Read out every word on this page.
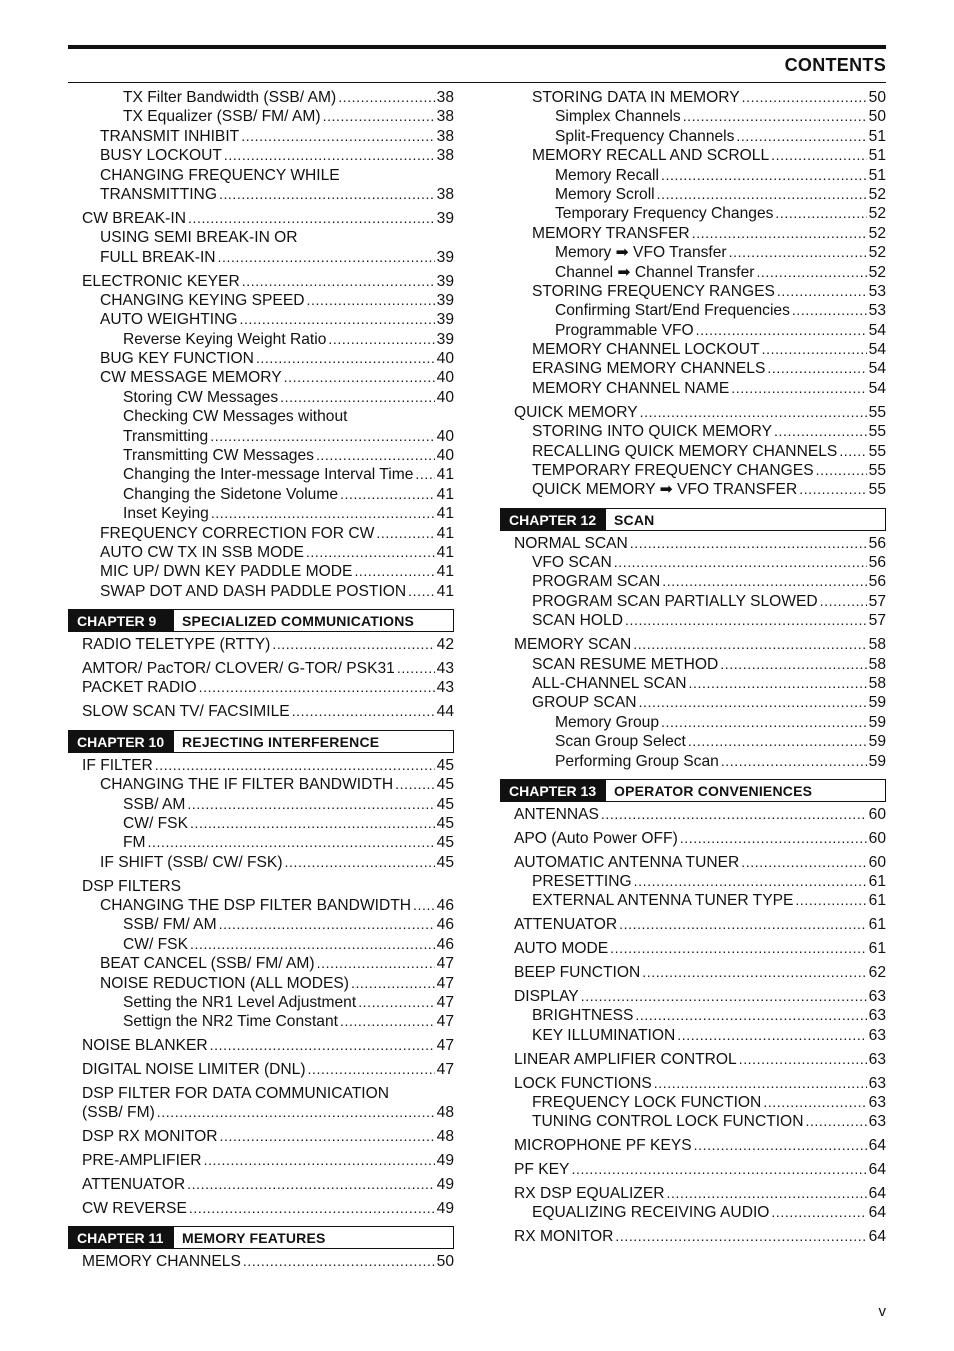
CONTENTS
TX Filter Bandwidth (SSB/ AM) .....	38
TX Equalizer (SSB/ FM/ AM) .....	38
TRANSMIT INHIBIT .....	38
BUSY LOCKOUT .....	38
CHANGING FREQUENCY WHILE
TRANSMITTING .....	38
CW BREAK-IN .....	39
USING SEMI BREAK-IN OR
FULL BREAK-IN .....	39
ELECTRONIC KEYER .....	39
CHANGING KEYING SPEED .....	39
AUTO WEIGHTING .....	39
Reverse Keying Weight Ratio .....	39
BUG KEY FUNCTION .....	40
CW MESSAGE MEMORY .....	40
Storing CW Messages .....	40
Checking CW Messages without
Transmitting .....	40
Transmitting CW Messages .....	40
Changing the Inter-message Interval Time ..... 41
Changing the Sidetone Volume .....	41
Inset Keying .....	41
FREQUENCY CORRECTION FOR CW .....	41
AUTO CW TX IN SSB MODE .....	41
MIC UP/ DWN KEY PADDLE MODE .....	41
SWAP DOT AND DASH PADDLE POSTION ..... 41
CHAPTER 9	SPECIALIZED COMMUNICATIONS
RADIO TELETYPE (RTTY) .....	42
AMTOR/ PacTOR/ CLOVER/ G-TOR/ PSK31 .....	43
PACKET RADIO .....	43
SLOW SCAN TV/ FACSIMILE .....	44
CHAPTER 10	REJECTING INTERFERENCE
IF FILTER .....	45
CHANGING THE IF FILTER BANDWIDTH .....	45
SSB/ AM .....	45
CW/ FSK .....	45
FM .....	45
IF SHIFT (SSB/ CW/ FSK) .....	45
DSP FILTERS
CHANGING THE DSP FILTER BANDWIDTH ..... 46
SSB/ FM/ AM .....	46
CW/ FSK .....	46
BEAT CANCEL (SSB/ FM/ AM) .....	47
NOISE REDUCTION (ALL MODES) .....	47
Setting the NR1 Level Adjustment .....	47
Settign the NR2 Time Constant .....	47
NOISE BLANKER .....	47
DIGITAL NOISE LIMITER (DNL) .....	47
DSP FILTER FOR DATA COMMUNICATION
(SSB/ FM) .....	48
DSP RX MONITOR .....	48
PRE-AMPLIFIER .....	49
ATTENUATOR .....	49
CW REVERSE .....	49
CHAPTER 11	MEMORY FEATURES
MEMORY CHANNELS .....	50
STORING DATA IN MEMORY .....	50
Simplex Channels .....	50
Split-Frequency Channels .....	51
MEMORY RECALL AND SCROLL .....	51
Memory Recall .....	51
Memory Scroll .....	52
Temporary Frequency Changes .....	52
MEMORY TRANSFER .....	52
Memory ➡ VFO Transfer .....	52
Channel ➡ Channel Transfer .....	52
STORING FREQUENCY RANGES .....	53
Confirming Start/End Frequencies .....	53
Programmable VFO .....	54
MEMORY CHANNEL LOCKOUT .....	54
ERASING MEMORY CHANNELS .....	54
MEMORY CHANNEL NAME .....	54
QUICK MEMORY .....	55
STORING INTO QUICK MEMORY .....	55
RECALLING QUICK MEMORY CHANNELS ..... 55
TEMPORARY FREQUENCY CHANGES .....	55
QUICK MEMORY ➡ VFO TRANSFER .....	55
CHAPTER 12	SCAN
NORMAL SCAN .....	56
VFO SCAN .....	56
PROGRAM SCAN .....	56
PROGRAM SCAN PARTIALLY SLOWED .....	57
SCAN HOLD .....	57
MEMORY SCAN .....	58
SCAN RESUME METHOD .....	58
ALL-CHANNEL SCAN .....	58
GROUP SCAN .....	59
Memory Group .....	59
Scan Group Select .....	59
Performing Group Scan .....	59
CHAPTER 13	OPERATOR CONVENIENCES
ANTENNAS .....	60
APO (Auto Power OFF) .....	60
AUTOMATIC ANTENNA TUNER .....	60
PRESETTING .....	61
EXTERNAL ANTENNA TUNER TYPE .....	61
ATTENUATOR .....	61
AUTO MODE .....	61
BEEP FUNCTION .....	62
DISPLAY .....	63
BRIGHTNESS .....	63
KEY ILLUMINATION .....	63
LINEAR AMPLIFIER CONTROL .....	63
LOCK FUNCTIONS .....	63
FREQUENCY LOCK FUNCTION .....	63
TUNING CONTROL LOCK FUNCTION .....	63
MICROPHONE PF KEYS .....	64
PF KEY .....	64
RX DSP EQUALIZER .....	64
EQUALIZING RECEIVING AUDIO .....	64
RX MONITOR .....	64
v
